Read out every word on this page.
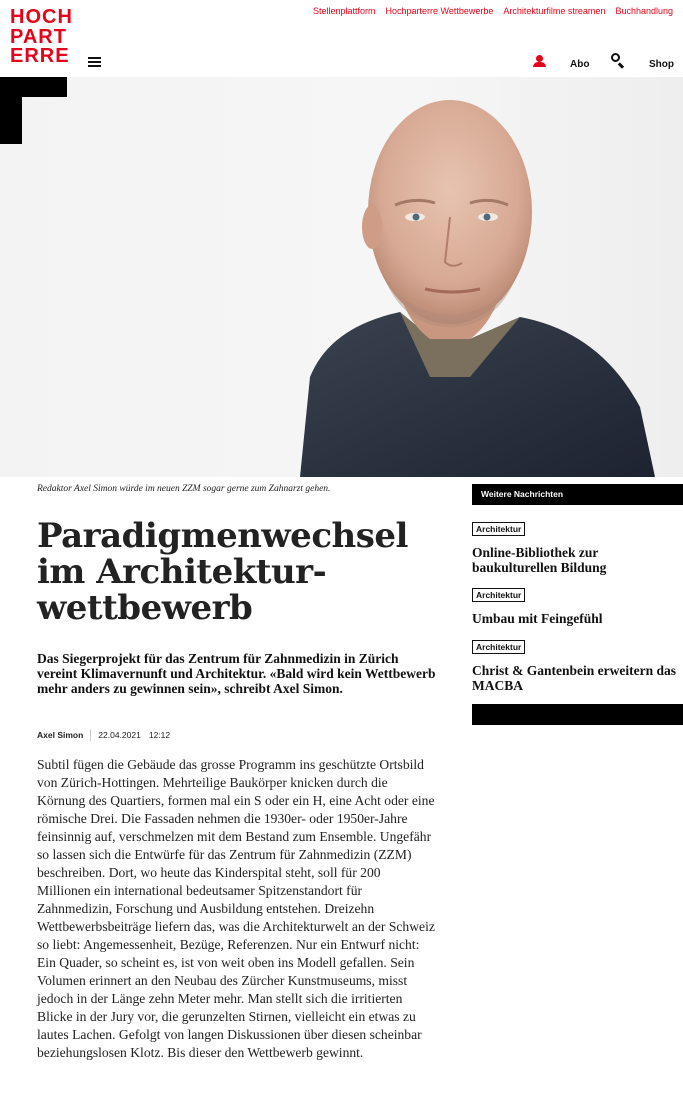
HOCH
PART
ERRE
Stellenplattform Hochparterre Wettbewerbe Architekturfilme streamen Buchhandlung
Abo	Shop
Redaktor Axel Simon würde im neuen ZZM sogar gerne zum Zahnarzt gehen.
Paradigmenwechsel im Architektur-wettbewerb

Das Siegerprojekt für das Zentrum für Zahnmedizin in Zürich vereint Klimavernunft und Architektur. «Bald wird kein Wettbewerb mehr anders zu gewinnen sein», schreibt Axel Simon.

Axel Simon 22.04.2021 12:12

Subtil fügen die Gebäude das grosse Programm ins geschützte Ortsbild von Zürich-Hottingen. Mehrteilige Baukörper knicken durch die Körnung des Quartiers, formen mal ein S oder ein H, eine Acht oder eine römische Drei. Die Fassaden nehmen die 1930er- oder 1950er-Jahre feinsinnig auf, verschmelzen mit dem Bestand zum Ensemble. Ungefähr so lassen sich die Entwürfe für das Zentrum für Zahnmedizin (ZZM) beschreiben. Dort, wo heute das Kinderspital steht, soll für 200 Millionen ein international bedeutsamer Spitzenstandort für Zahnmedizin, Forschung und Ausbildung entstehen. Dreizehn Wettbewerbsbeiträge liefern das, was die Architekturwelt an der Schweiz so liebt: Angemessenheit, Bezüge, Referenzen. Nur ein Entwurf nicht: Ein Quader, so scheint es, ist von weit oben ins Modell gefallen. Sein Volumen erinnert an den Neubau des Zürcher Kunstmuseums, misst jedoch in der Länge zehn Meter mehr. Man stellt sich die irritierten Blicke in der Jury vor, die gerunzelten Stirnen, vielleicht ein etwas zu lautes Lachen. Gefolgt von langen Diskussionen über diesen scheinbar beziehungslosen Klotz. Bis dieser den Wettbewerb gewinnt.

Weitere Nachrichten
Architektur
Online-Bibliothek zur baukulturellen Bildung
Architektur
Umbau mit Feingefühl
Architektur
Christ & Gantenbein erweitern das MACBA
